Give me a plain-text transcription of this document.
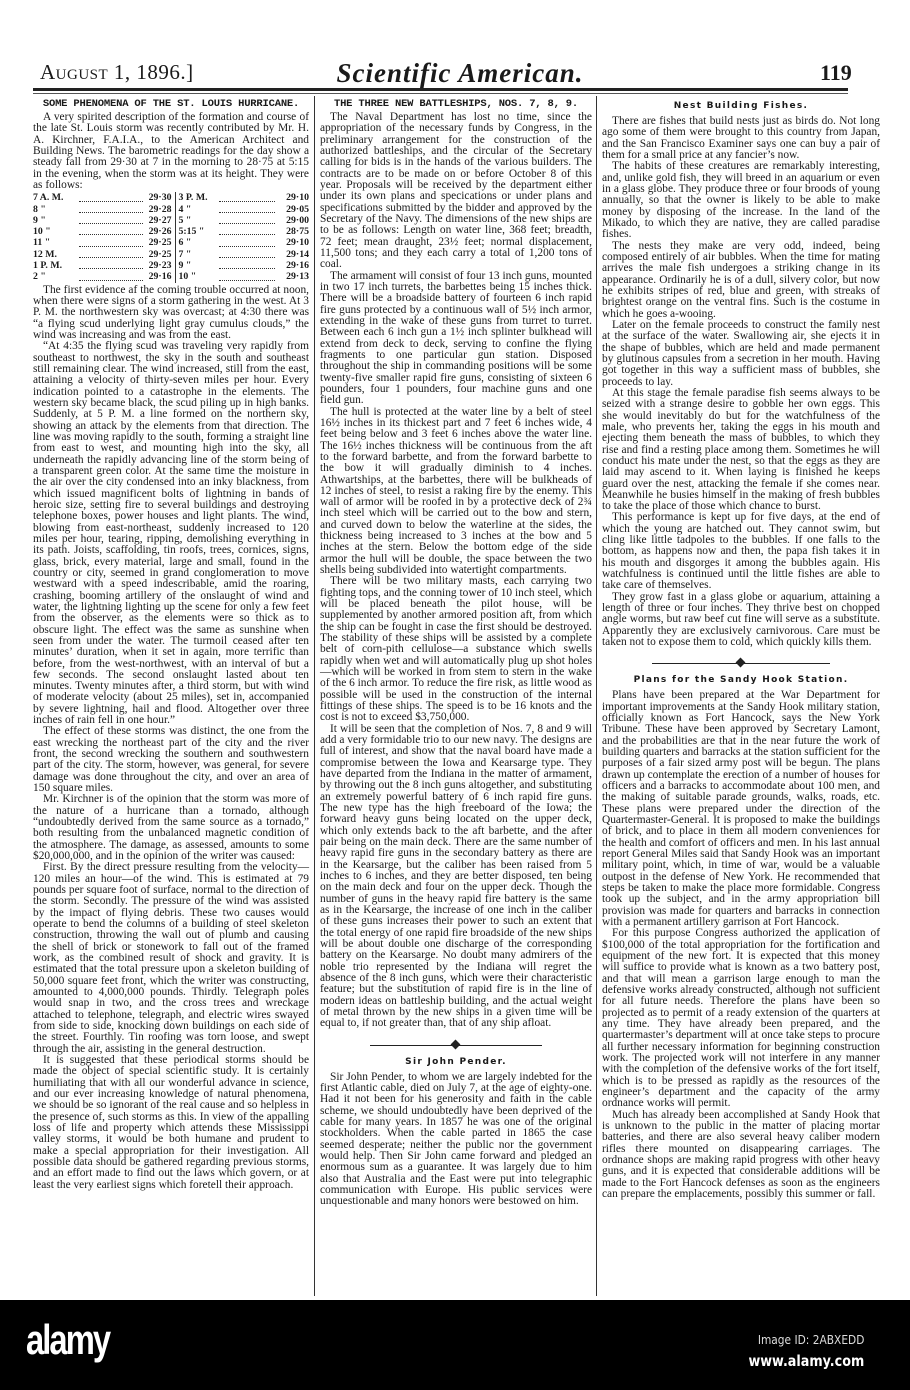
August 1, 1896.]	Scientific American.	119
SOME PHENOMENA OF THE ST. LOUIS HURRICANE.

A very spirited description of the formation and course of the late St. Louis storm was recently contributed by Mr. H. A. Kirchner, F.A.I.A., to the American Architect and Building News. The barometric readings for the day show a steady fall from 29·30 at 7 in the morning to 28·75 at 5:15 in the evening, when the storm was at its height. They were as follows:

7 A. M.		29·30	3 P. M.		29·10
8 "		29·28	4 "		29·05
9 "		29·27	5 "		29·00
10 "		29·26	5:15 "		28·75
11 "		29·25	6 "		29·10
12 M.		29·25	7 "		29·14
1 P. M.		29·23	9 "		29·16
2 "		29·16	10 "		29·13

The first evidence af the coming trouble occurred at noon, when there were signs of a storm gathering in the west. At 3 P. M. the northwestern sky was overcast; at 4:30 there was “a flying scud underlying light gray cumulus clouds,” the wind was increasing and was from the east.

“At 4:35 the flying scud was traveling very rapidly from southeast to northwest, the sky in the south and southeast still remaining clear. The wind increased, still from the east, attaining a velocity of thirty-seven miles per hour. Every indication pointed to a catastrophe in the elements. The western sky became black, the scud piling up in high banks. Suddenly, at 5 P. M. a line formed on the northern sky, showing an attack by the elements from that direction. The line was moving rapidly to the south, forming a straight line from east to west, and mounting high into the sky, all underneath the rapidly advancing line of the storm being of a transparent green color. At the same time the moisture in the air over the city condensed into an inky blackness, from which issued magnificent bolts of lightning in bands of heroic size, setting fire to several buildings and destroying telephone boxes, power houses and light plants. The wind, blowing from east-northeast, suddenly increased to 120 miles per hour, tearing, ripping, demolishing everything in its path. Joists, scaffolding, tin roofs, trees, cornices, signs, glass, brick, every material, large and small, found in the country or city, seemed in grand conglomeration to move westward with a speed indescribable, amid the roaring, crashing, booming artillery of the onslaught of wind and water, the lightning lighting up the scene for only a few feet from the observer, as the elements were so thick as to obscure light. The effect was the same as sunshine when seen from under the water. The turmoil ceased after ten minutes’ duration, when it set in again, more terrific than before, from the west-northwest, with an interval of but a few seconds. The second onslaught lasted about ten minutes. Twenty minutes after, a third storm, but with wind of moderate velocity (about 25 miles), set in, accompanied by severe lightning, hail and flood. Altogether over three inches of rain fell in one hour.”

The effect of these storms was distinct, the one from the east wrecking the northeast part of the city and the river front, the second wrecking the southern and southwestern part of the city. The storm, however, was general, for severe damage was done throughout the city, and over an area of 150 square miles.

Mr. Kirchner is of the opinion that the storm was more of the nature of a hurricane than a tornado, although “undoubtedly derived from the same source as a tornado,” both resulting from the unbalanced magnetic condition of the atmosphere. The damage, as assessed, amounts to some $20,000,000, and in the opinion of the writer was caused:

First. By the direct pressure resulting from the velocity—120 miles an hour—of the wind. This is estimated at 79 pounds per square foot of surface, normal to the direction of the storm. Secondly. The pressure of the wind was assisted by the impact of flying debris. These two causes would operate to bend the columns of a building of steel skeleton construction, throwing the wall out of plumb and causing the shell of brick or stonework to fall out of the framed work, as the combined result of shock and gravity. It is estimated that the total pressure upon a skeleton building of 50,000 square feet front, which the writer was constructing, amounted to 4,000,000 pounds. Thirdly. Telegraph poles would snap in two, and the cross trees and wreckage attached to telephone, telegraph, and electric wires swayed from side to side, knocking down buildings on each side of the street. Fourthly. Tin roofing was torn loose, and swept through the air, assisting in the general destruction.

It is suggested that these periodical storms should be made the object of special scientific study. It is certainly humiliating that with all our wonderful advance in science, and our ever increasing knowledge of natural phenomena, we should be so ignorant of the real cause and so helpless in the presence of, such storms as this. In view of the appalling loss of life and property which attends these Mississippi valley storms, it would be both humane and prudent to make a special appropriation for their investigation. All possible data should be gathered regarding previous storms, and an effort made to find out the laws which govern, or at least the very earliest signs which foretell their approach.

THE THREE NEW BATTLESHIPS, NOS. 7, 8, 9.

The Naval Department has lost no time, since the appropriation of the necessary funds by Congress, in the preliminary arrangement for the construction of the authorized battleships, and the circular of the Secretary calling for bids is in the hands of the various builders. The contracts are to be made on or before October 8 of this year. Proposals will be received by the department either under its own plans and specications or under plans and specifications submitted by the bidder and approved by the Secretary of the Navy. The dimensions of the new ships are to be as follows: Length on water line, 368 feet; breadth, 72 feet; mean draught, 23½ feet; normal displacement, 11,500 tons; and they each carry a total of 1,200 tons of coal.

The armament will consist of four 13 inch guns, mounted in two 17 inch turrets, the barbettes being 15 inches thick. There will be a broadside battery of fourteen 6 inch rapid fire guns protected by a continuous wall of 5½ inch armor, extending in the wake of these guns from turret to turret. Between each 6 inch gun a 1½ inch splinter bulkhead will extend from deck to deck, serving to confine the flying fragments to one particular gun station. Disposed throughout the ship in commanding positions will be some twenty-five smaller rapid fire guns, consisting of sixteen 6 pounders, four 1 pounders, four machine guns and one field gun.

The hull is protected at the water line by a belt of steel 16½ inches in its thickest part and 7 feet 6 inches wide, 4 feet being below and 3 feet 6 inches above the water line. The 16½ inches thickness will be continuous from the aft to the forward barbette, and from the forward barbette to the bow it will gradually diminish to 4 inches. Athwartships, at the barbettes, there will be bulkheads of 12 inches of steel, to resist a raking fire by the enemy. This wall of armor will be roofed in by a protective deck of 2¾ inch steel which will be carried out to the bow and stern, and curved down to below the waterline at the sides, the thickness being increased to 3 inches at the bow and 5 inches at the stern. Below the bottom edge of the side armor the hull will be double, the space between the two shells being subdivided into watertight compartments.

There will be two military masts, each carrying two fighting tops, and the conning tower of 10 inch steel, which will be placed beneath the pilot house, will be supplemented by another armored position aft, from which the ship can be fought in case the first should be destroyed. The stability of these ships will be assisted by a complete belt of corn-pith cellulose—a substance which swells rapidly when wet and will automatically plug up shot holes—which will be worked in from stem to stern in the wake of the 6 inch armor. To reduce the fire risk, as little wood as possible will be used in the construction of the internal fittings of these ships. The speed is to be 16 knots and the cost is not to exceed $3,750,000.

It will be seen that the completion of Nos. 7, 8 and 9 will add a very formidable trio to our new navy. The designs are full of interest, and show that the naval board have made a compromise between the Iowa and Kearsarge type. They have departed from the Indiana in the matter of armament, by throwing out the 8 inch guns altogether, and substituting an extremely powerful battery of 6 inch rapid fire guns. The new type has the high freeboard of the Iowa; the forward heavy guns being located on the upper deck, which only extends back to the aft barbette, and the after pair being on the main deck. There are the same number of heavy rapid fire guns in the secondary battery as there are in the Kearsarge, but the caliber has been raised from 5 inches to 6 inches, and they are better disposed, ten being on the main deck and four on the upper deck. Though the number of guns in the heavy rapid fire battery is the same as in the Kearsarge, the increase of one inch in the caliber of these guns increases their power to such an extent that the total energy of one rapid fire broadside of the new ships will be about double one discharge of the corresponding battery on the Kearsarge. No doubt many admirers of the noble trio represented by the Indiana will regret the absence of the 8 inch guns, which were their characteristic feature; but the substitution of rapid fire is in the line of modern ideas on battleship building, and the actual weight of metal thrown by the new ships in a given time will be equal to, if not greater than, that of any ship afloat.

Sir John Pender.

Sir John Pender, to whom we are largely indebted for the first Atlantic cable, died on July 7, at the age of eighty-one. Had it not been for his generosity and faith in the cable scheme, we should undoubtedly have been deprived of the cable for many years. In 1857 he was one of the original stockholders. When the cable parted in 1865 the case seemed desperate; neither the public nor the government would help. Then Sir John came forward and pledged an enormous sum as a guarantee. It was largely due to him also that Australia and the East were put into telegraphic communication with Europe. His public services were unquestionable and many honors were bestowed on him.

Nest Building Fishes.

There are fishes that build nests just as birds do. Not long ago some of them were brought to this country from Japan, and the San Francisco Examiner says one can buy a pair of them for a small price at any fancier’s now.

The habits of these creatures are remarkably interesting, and, unlike gold fish, they will breed in an aquarium or even in a glass globe. They produce three or four broods of young annually, so that the owner is likely to be able to make money by disposing of the increase. In the land of the Mikado, to which they are native, they are called paradise fishes.

The nests they make are very odd, indeed, being composed entirely of air bubbles. When the time for mating arrives the male fish undergoes a striking change in its appearance. Ordinarily he is of a dull, silvery color, but now he exhibits stripes of red, blue and green, with streaks of brightest orange on the ventral fins. Such is the costume in which he goes a-wooing.

Later on the female proceeds to construct the family nest at the surface of the water. Swallowing air, she ejects it in the shape of bubbles, which are held and made permanent by glutinous capsules from a secretion in her mouth. Having got together in this way a sufficient mass of bubbles, she proceeds to lay.

At this stage the female paradise fish seems always to be seized with a strange desire to gobble her own eggs. This she would inevitably do but for the watchfulness of the male, who prevents her, taking the eggs in his mouth and ejecting them beneath the mass of bubbles, to which they rise and find a resting place among them. Sometimes he will conduct his mate under the nest, so that the eggs as they are laid may ascend to it. When laying is finished he keeps guard over the nest, attacking the female if she comes near. Meanwhile he busies himself in the making of fresh bubbles to take the place of those which chance to burst.

This performance is kept up for five days, at the end of which the young are hatched out. They cannot swim, but cling like little tadpoles to the bubbles. If one falls to the bottom, as happens now and then, the papa fish takes it in his mouth and disgorges it among the bubbles again. His watchfulness is continued until the little fishes are able to take care of themselves.

They grow fast in a glass globe or aquarium, attaining a length of three or four inches. They thrive best on chopped angle worms, but raw beef cut fine will serve as a substitute. Apparently they are exclusively carnivorous. Care must be taken not to expose them to cold, which quickly kills them.

Plans for the Sandy Hook Station.

Plans have been prepared at the War Department for important improvements at the Sandy Hook military station, officially known as Fort Hancock, says the New York Tribune. These have been approved by Secretary Lamont, and the probabilities are that in the near future the work of building quarters and barracks at the station sufficient for the purposes of a fair sized army post will be begun. The plans drawn up contemplate the erection of a number of houses for officers and a barracks to accommodate about 100 men, and the making of suitable parade grounds, walks, roads, etc. These plans were prepared under the direction of the Quartermaster-General. It is proposed to make the buildings of brick, and to place in them all modern conveniences for the health and comfort of officers and men. In his last annual report General Miles said that Sandy Hook was an important military point, which, in time of war, would be a valuable outpost in the defense of New York. He recommended that steps be taken to make the place more formidable. Congress took up the subject, and in the army appropriation bill provision was made for quarters and barracks in connection with a permanent artillery garrison at Fort Hancock.

For this purpose Congress authorized the application of $100,000 of the total appropriation for the fortification and equipment of the new fort. It is expected that this money will suffice to provide what is known as a two battery post, and that will mean a garrison large enough to man the defensive works already constructed, although not sufficient for all future needs. Therefore the plans have been so projected as to permit of a ready extension of the quarters at any time. They have already been prepared, and the quartermaster’s department will at once take steps to procure all further necessary information for beginning construction work. The projected work will not interfere in any manner with the completion of the defensive works of the fort itself, which is to be pressed as rapidly as the resources of the engineer’s department and the capacity of the army ordnance works will permit.

Much has already been accomplished at Sandy Hook that is unknown to the public in the matter of placing mortar batteries, and there are also several heavy caliber modern rifles there mounted on disappearing carriages. The ordnance shops are making rapid progress with other heavy guns, and it is expected that considerable additions will be made to the Fort Hancock defenses as soon as the engineers can prepare the emplacements, possibly this summer or fall.

alamy	Image ID: 2ABXEDD
www.alamy.com
